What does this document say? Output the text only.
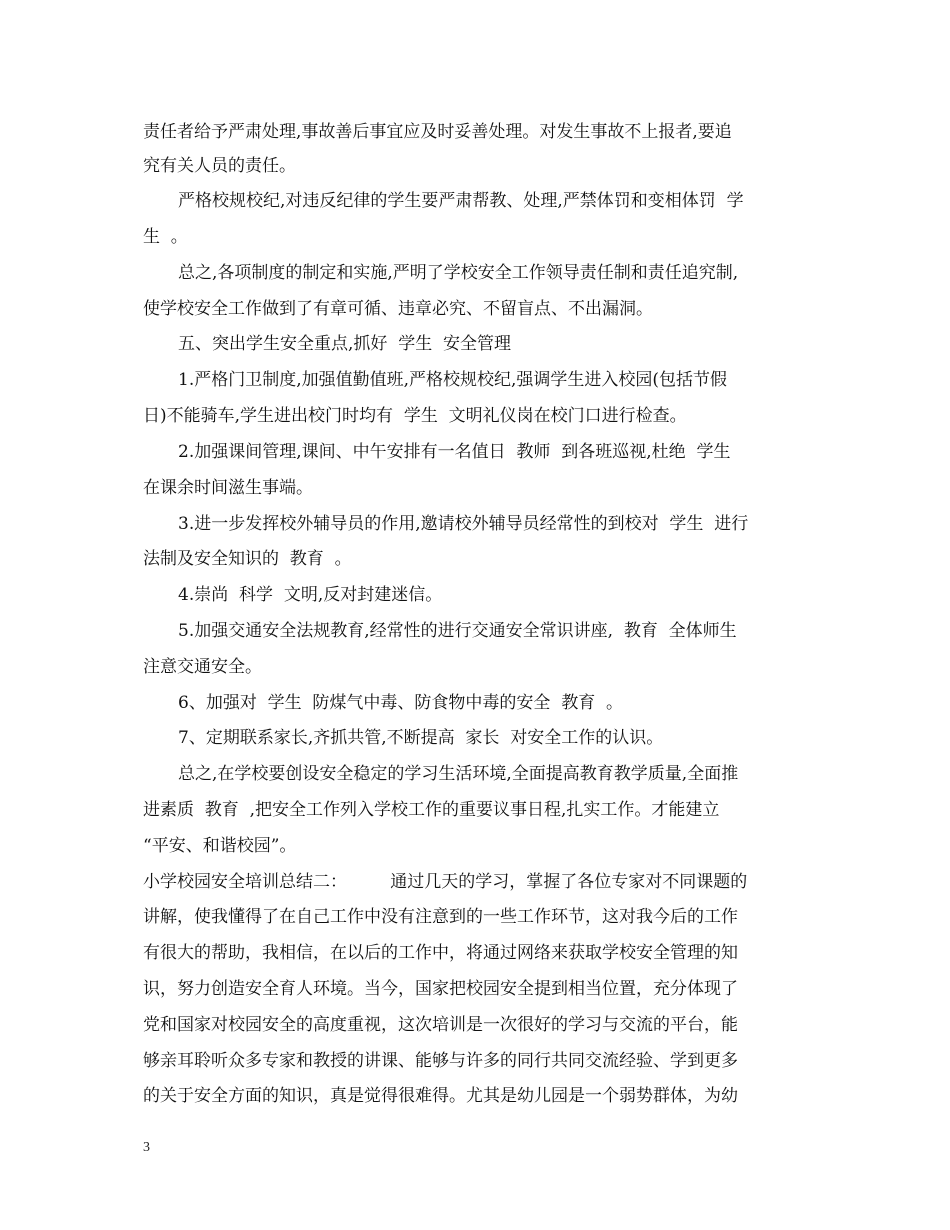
责任者给予严肃处理,事故善后事宜应及时妥善处理。对发生事故不上报者,要追
究有关人员的责任。
严格校规校纪,对违反纪律的学生要严肃帮教、处理,严禁体罚和变相体罚  学
生  。
总之,各项制度的制定和实施,严明了学校安全工作领导责任制和责任追究制,
使学校安全工作做到了有章可循、违章必究、不留盲点、不出漏洞。
五、突出学生安全重点,抓好  学生  安全管理
1.严格门卫制度,加强值勤值班,严格校规校纪,强调学生进入校园(包括节假
日)不能骑车,学生进出校门时均有  学生  文明礼仪岗在校门口进行检查。
2.加强课间管理,课间、中午安排有一名值日  教师  到各班巡视,杜绝  学生
在课余时间滋生事端。
3.进一步发挥校外辅导员的作用,邀请校外辅导员经常性的到校对  学生  进行
法制及安全知识的  教育  。
4.崇尚  科学  文明,反对封建迷信。
5.加强交通安全法规教育,经常性的进行交通安全常识讲座,  教育  全体师生
注意交通安全。
6、加强对  学生  防煤气中毒、防食物中毒的安全  教育  。
7、定期联系家长,齐抓共管,不断提高  家长  对安全工作的认识。
总之,在学校要创设安全稳定的学习生活环境,全面提高教育教学质量,全面推
进素质  教育  ,把安全工作列入学校工作的重要议事日程,扎实工作。才能建立
“平安、和谐校园”。
小学校园安全培训总结二：        通过几天的学习，掌握了各位专家对不同课题的
讲解，使我懂得了在自己工作中没有注意到的一些工作环节，这对我今后的工作
有很大的帮助，我相信，在以后的工作中，将通过网络来获取学校安全管理的知
识，努力创造安全育人环境。当今，国家把校园安全提到相当位置，充分体现了
党和国家对校园安全的高度重视，这次培训是一次很好的学习与交流的平台，能
够亲耳聆听众多专家和教授的讲课、能够与许多的同行共同交流经验、学到更多
的关于安全方面的知识，真是觉得很难得。尤其是幼儿园是一个弱势群体，为幼
3
